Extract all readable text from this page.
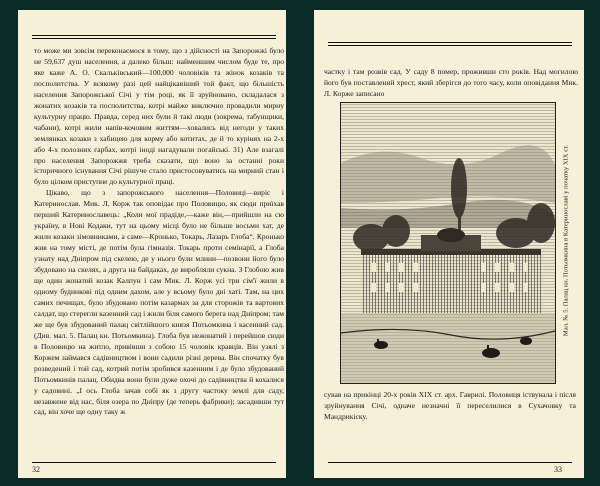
то може ми зовсім переконаємося в тому, що з дійсності на Запорожжі було не 59,637 душ населення, а далеко більш: найменшим числом буде те, про яке каже А. О. Скальківський—100,000 чоловіків та жінок козаків та посполитства. У всякому разі цей найцікавіший той факт, що більшість населення Запорожської Січі у тім році, як її зруйновано, складалася з жонатих козаків та посполитства, котрі майже виключно провадили мирну культурну працю. Правда, серед них були й такі люди (зокрема, табунщики, чабани), котрі жили напів-кочовим життям—ховались від негоди у таких землянках козаки з хабицею для корму або котитах, де й то курінях на 2-х або 4-х полозних гарбах, котрі іноді нагадували погайські. 31) Але взагалі про населення Запорожжя треба сказати, що воно за останні роки історичного існування Січі рішуче стало пристосовуватись на мирний стан і було цілком приступне до культурної праці.

Цікаво, що з запорожського населення—Половиці—виріс і Катеринослав. Мик. Л. Корж так оповідає про Половицю, як сюди приїхав перший Катеринославець: „Коли мої прадіде,—каже він,—прийшли на сю україну, в Нові Кодаки, тут на цьому місці було не більше восьми хат, де жили козаки зімовниками, а саме—Кронько, Токарь, Лазарь Глоба“. Кронько жив на тому місті, де потім була гімназія. Токарь проти семінарії, а Глоба узнату над Дніпром під скелею, де у нього були млини—позвони його було збудовано на скелях, а друга на байдаках, де виробляли сукна. З Глобою жив ще один жонатий козак Калпун і сам Мик. Л. Корж усі три сім'ї жили в одному будинкові під одним дахом, але у всьому було дві хаті. Там, на цих самих печищах, було збудовано потім казармах за для сторожів та вартових салдат, що стерегли казенний сад і жили біля самого берега над Дніпром; там же ще був збудований палац світлійшого князя Потьомкина і касенний сад. (Див. мал. 5. Палац кн. Потьомкина). Глоба був нежонатий і перейшов сюди в Половицю на житло, привівши з собою 15 чоловік кравців. Він узялі з Коржем займався садівництвом і вони садили різні дерева. Він спочатку був розведений і той сад, котрий потім зробився казенним і де було збудований Потьомкинів палац. Обидва вони були дуже охочі до садівництва й кохалися у садовині. „І ось Глоба зачав собі як з другу частоку землі для саду, незавжене від нас, біля озера по Дніпру (де теперь фабрики); засадивши тут сад, він хоче ще одну таку ж

32

частку і там розвів сад. У саду 8 помер, проживши сто років. Над могилою його був поставлений хрест, який зберігся до того часу, коли оповідання Мик. Л. Корже записано

Мал. № 5. Палац кн. Потьомкина в Катеринославі у початку XIX ст.

сував на прикінці 20-х років XIX ст. арх. Гаврилі. Половиця іствувала і після зруйнування Січі, одначе незначні її переселилися в Сухачовку та Мандрикіску.

33
